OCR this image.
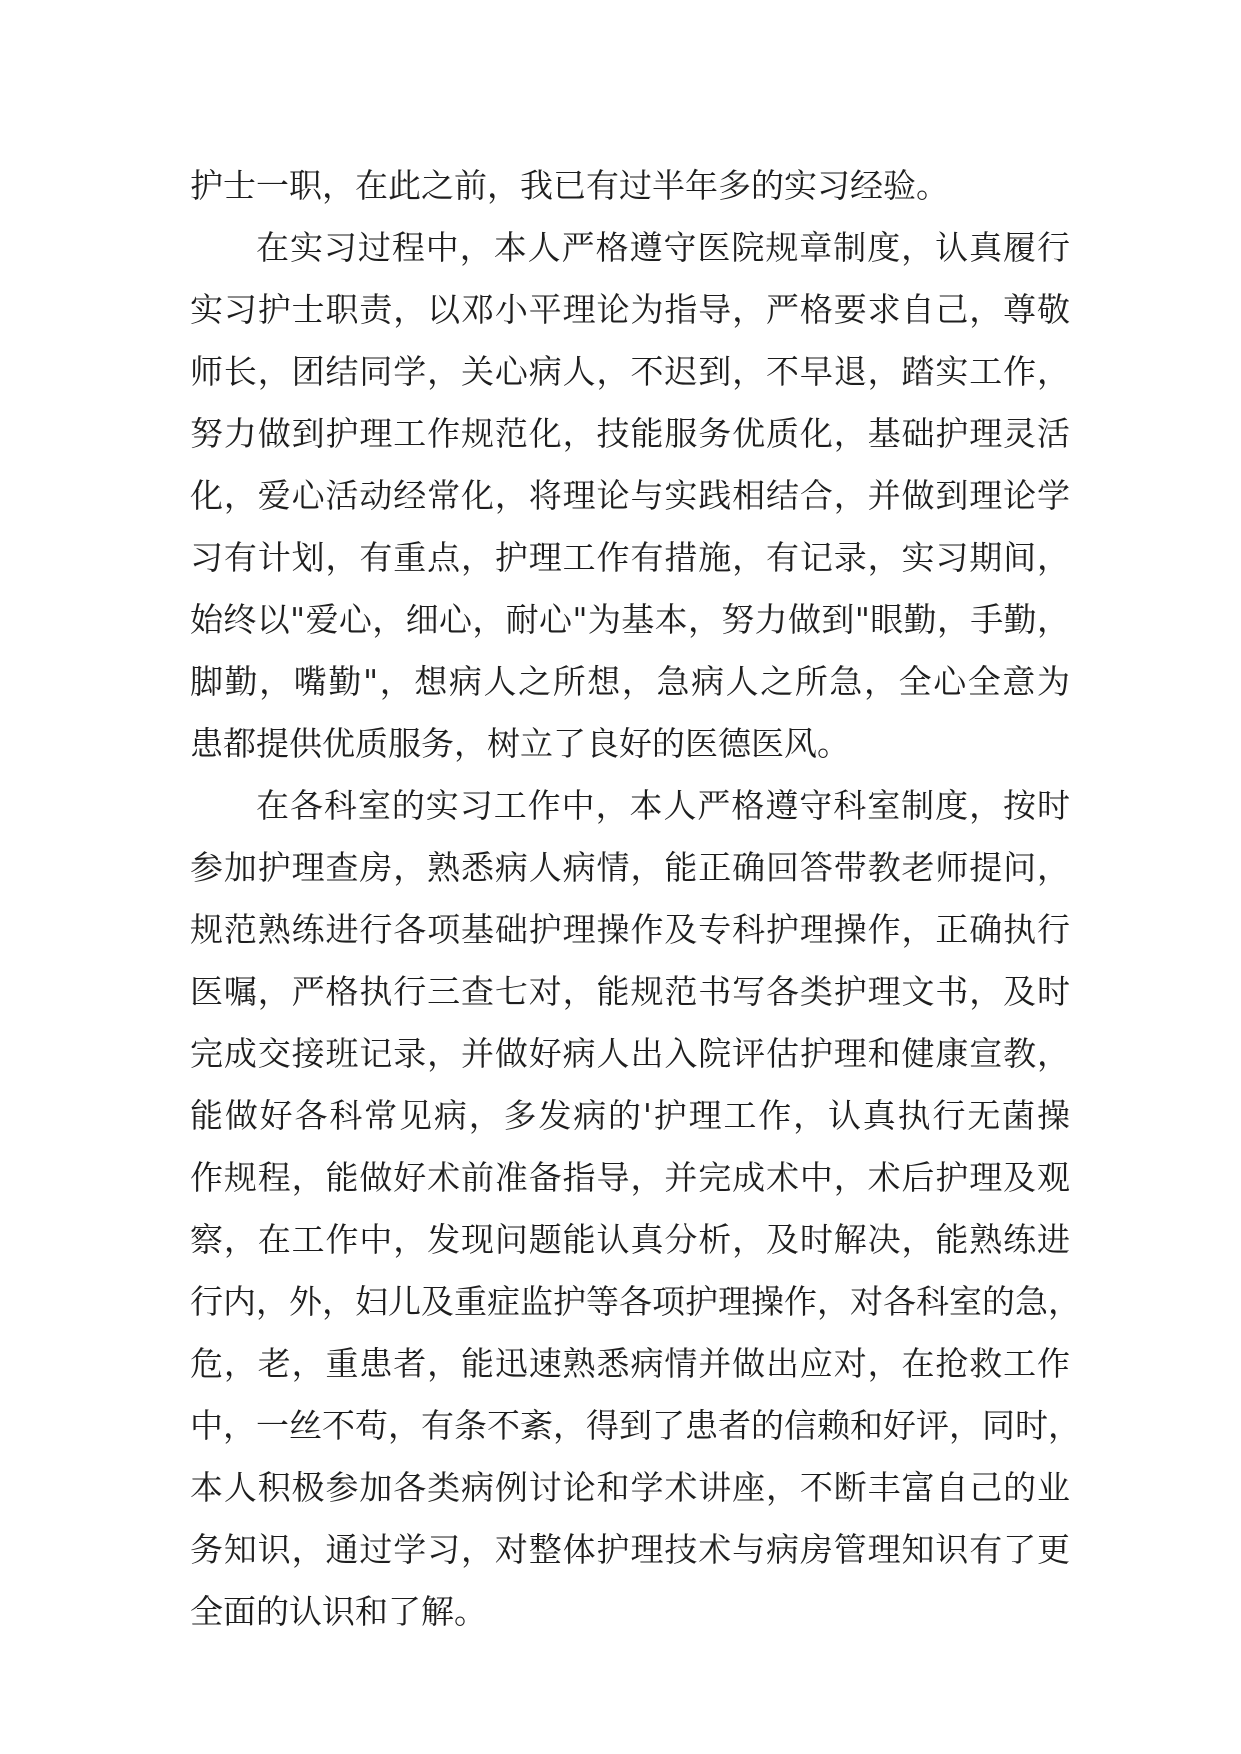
护士一职，在此之前，我已有过半年多的实习经验。
在实习过程中，本人严格遵守医院规章制度，认真履行
实习护士职责，以邓小平理论为指导，严格要求自己，尊敬
师长，团结同学，关心病人，不迟到，不早退，踏实工作，
努力做到护理工作规范化，技能服务优质化，基础护理灵活
化，爱心活动经常化，将理论与实践相结合，并做到理论学
习有计划，有重点，护理工作有措施，有记录，实习期间，
始终以"爱心，细心，耐心"为基本，努力做到"眼勤，手勤，
脚勤，嘴勤"，想病人之所想，急病人之所急，全心全意为
患都提供优质服务，树立了良好的医德医风。
在各科室的实习工作中，本人严格遵守科室制度，按时
参加护理查房，熟悉病人病情，能正确回答带教老师提问，
规范熟练进行各项基础护理操作及专科护理操作，正确执行
医嘱，严格执行三查七对，能规范书写各类护理文书，及时
完成交接班记录，并做好病人出入院评估护理和健康宣教，
能做好各科常见病，多发病的'护理工作，认真执行无菌操
作规程，能做好术前准备指导，并完成术中，术后护理及观
察，在工作中，发现问题能认真分析，及时解决，能熟练进
行内，外，妇儿及重症监护等各项护理操作，对各科室的急，
危，老，重患者，能迅速熟悉病情并做出应对，在抢救工作
中，一丝不苟，有条不紊，得到了患者的信赖和好评，同时，
本人积极参加各类病例讨论和学术讲座，不断丰富自己的业
务知识，通过学习，对整体护理技术与病房管理知识有了更
全面的认识和了解。
